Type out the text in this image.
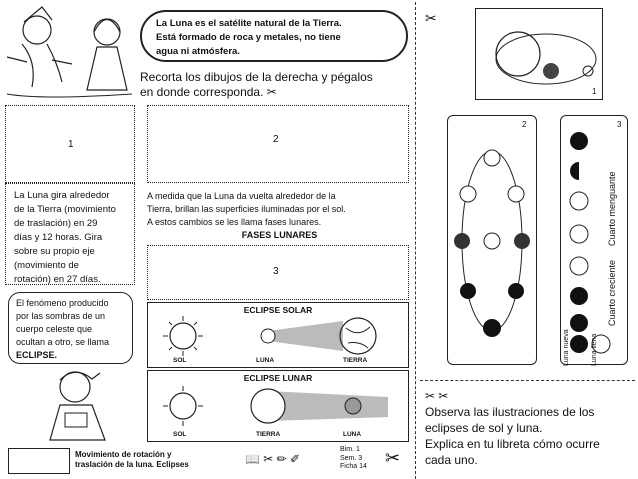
La Luna es el satélite natural de la Tierra.
Está formado de roca y metales, no tiene
agua ni atmósfera.
Recorta los dibujos de la derecha y pégalos
en donde corresponda. ✂
1	2
La Luna gira alrededor
de la Tierra (movimiento
de traslación) en 29
días y 12 horas. Gira
sobre su propio eje
(movimiento de
rotación) en 27 días.
A medida que la Luna da vuelta alrededor de la
Tierra, brillan las superficies iluminadas por el sol.
A estos cambios se les llama fases lunares.
FASES LUNARES
3
El fenómeno producido
por las sombras de un
cuerpo celeste que
ocultan a otro, se llama
ECLIPSE.
ECLIPSE SOLAR
SOL	LUNA	TIERRA
ECLIPSE LUNAR
SOL	TIERRA	LUNA
Movimiento de rotación y
traslación de la luna. Eclipses	📖 ✂ ✏ ✐
Bim. 1
Sem. 3
Ficha 14 ✂
✂
1
2	3
Cuarto menguante
Cuarto creciente
Luna nueva	Luna llena
✂ ✂
Observa las ilustraciones de los
eclipses de sol y luna.
Explica en tu libreta cómo ocurre
cada uno.
